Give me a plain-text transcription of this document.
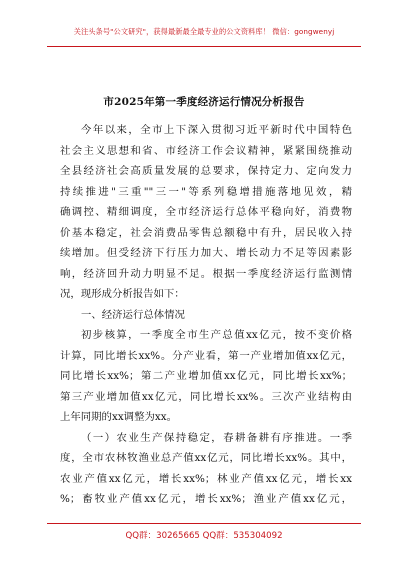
关注头条号"公文研究"，获得最新最全最专业的公文资料库！ 微信：gongwenyj
市2025年第一季度经济运行情况分析报告
今年以来，全市上下深入贯彻习近平新时代中国特色
社会主义思想和省、市经济工作会议精神，紧紧围绕推动
全县经济社会高质量发展的总要求，保持定力、定向发力
持续推进"三重""三一"等系列稳增措施落地见效，精
确调控、精细调度，全市经济运行总体平稳向好，消费物
价基本稳定，社会消费品零售总额稳中有升，居民收入持
续增加。但受经济下行压力加大、增长动力不足等因素影
响，经济回升动力明显不足。根据一季度经济运行监测情
况，现形成分析报告如下：
一、经济运行总体情况
初步核算，一季度全市生产总值xx亿元，按不变价格
计算，同比增长xx%。分产业看，第一产业增加值xx亿元，
同比增长xx%；第二产业增加值xx亿元，同比增长xx%；
第三产业增加值xx亿元，同比增长xx%。三次产业结构由
上年同期的xx调整为xx。
（一）农业生产保持稳定，春耕备耕有序推进。一季
度，全市农林牧渔业总产值xx亿元，同比增长xx%。其中，
农业产值xx亿元，增长xx%；林业产值xx亿元，增长xx
%；畜牧业产值xx亿元，增长xx%；渔业产值xx亿元，
QQ群：30265665 QQ群：535304092
